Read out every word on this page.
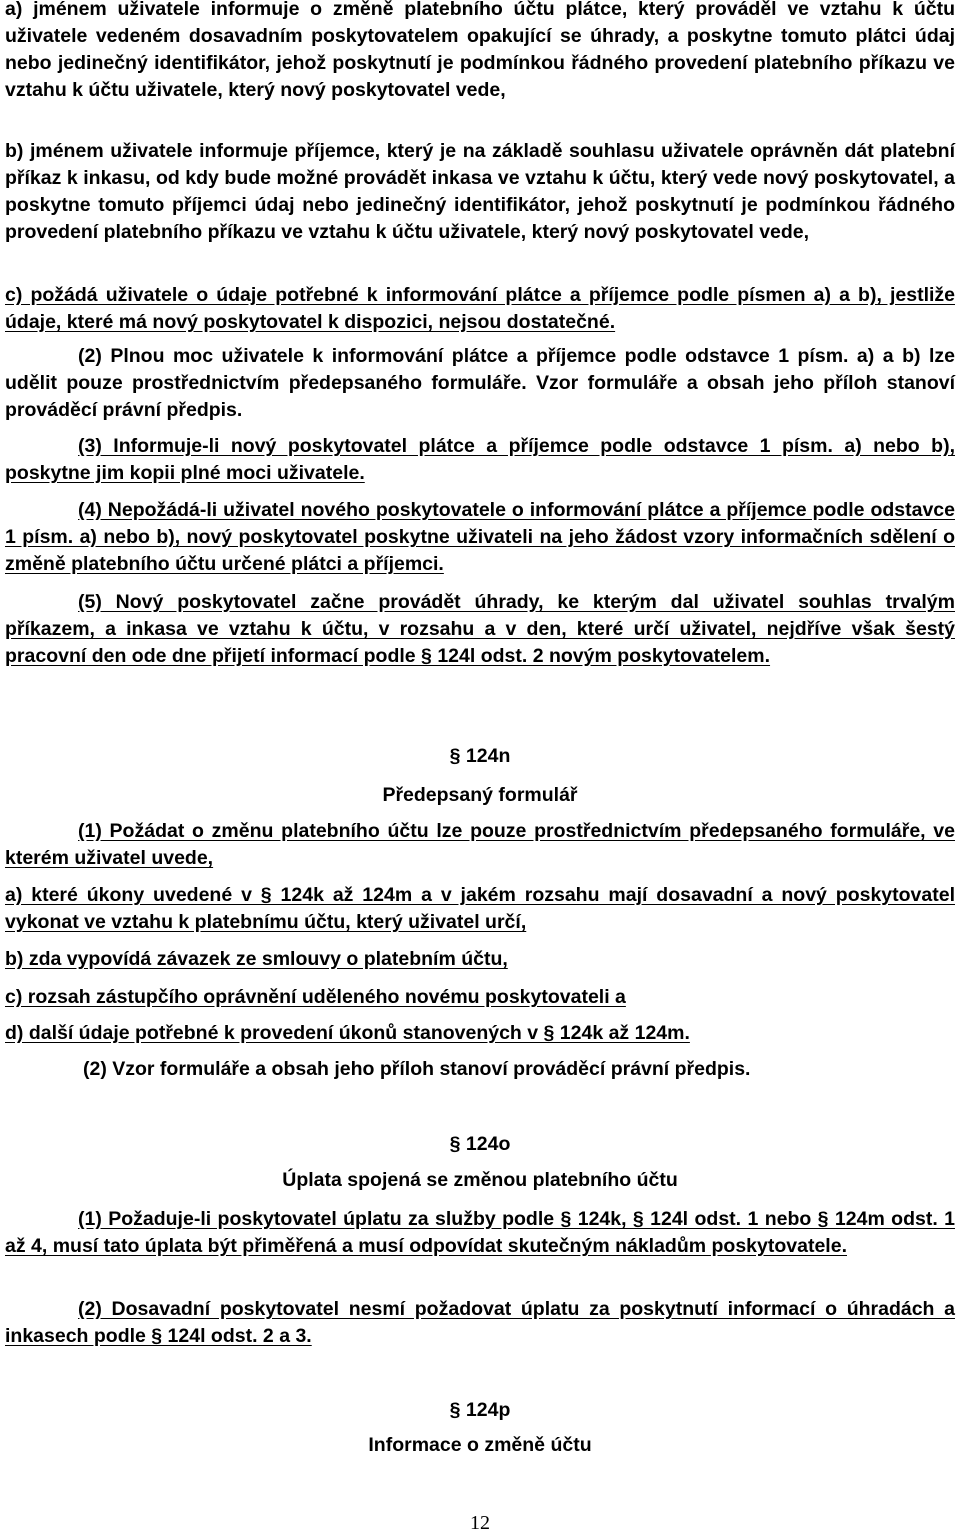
a) jménem uživatele informuje o změně platebního účtu plátce, který prováděl ve vztahu k účtu uživatele vedeném dosavadním poskytovatelem opakující se úhrady, a poskytne tomuto plátci údaj nebo jedinečný identifikátor, jehož poskytnutí je podmínkou řádného provedení platebního příkazu ve vztahu k účtu uživatele, který nový poskytovatel vede,

b) jménem uživatele informuje příjemce, který je na základě souhlasu uživatele oprávněn dát platební příkaz k inkasu, od kdy bude možné provádět inkasa ve vztahu k účtu, který vede nový poskytovatel, a poskytne tomuto příjemci údaj nebo jedinečný identifikátor, jehož poskytnutí je podmínkou řádného provedení platebního příkazu ve vztahu k účtu uživatele, který nový poskytovatel vede,

c) požádá uživatele o údaje potřebné k informování plátce a příjemce podle písmen a) a b), jestliže údaje, které má nový poskytovatel k dispozici, nejsou dostatečné.

(2) Plnou moc uživatele k informování plátce a příjemce podle odstavce 1 písm. a) a b) lze udělit pouze prostřednictvím předepsaného formuláře. Vzor formuláře a obsah jeho příloh stanoví prováděcí právní předpis.

(3) Informuje-li nový poskytovatel plátce a příjemce podle odstavce 1 písm. a) nebo b), poskytne jim kopii plné moci uživatele.

(4) Nepožádá-li uživatel nového poskytovatele o informování plátce a příjemce podle odstavce 1 písm. a) nebo b), nový poskytovatel poskytne uživateli na jeho žádost vzory informačních sdělení o změně platebního účtu určené plátci a příjemci.

(5) Nový poskytovatel začne provádět úhrady, ke kterým dal uživatel souhlas trvalým příkazem, a inkasa ve vztahu k účtu, v rozsahu a v den, které určí uživatel, nejdříve však šestý pracovní den ode dne přijetí informací podle § 124l odst. 2 novým poskytovatelem.

§ 124n

Předepsaný formulář

(1) Požádat o změnu platebního účtu lze pouze prostřednictvím předepsaného formuláře, ve kterém uživatel uvede,

a) které úkony uvedené v § 124k až 124m a v jakém rozsahu mají dosavadní a nový poskytovatel vykonat ve vztahu k platebnímu účtu, který uživatel určí,

b) zda vypovídá závazek ze smlouvy o platebním účtu,

c) rozsah zástupčího oprávnění uděleného novému poskytovateli a

d) další údaje potřebné k provedení úkonů stanovených v § 124k až 124m.

(2) Vzor formuláře a obsah jeho příloh stanoví prováděcí právní předpis.

§ 124o

Úplata spojená se změnou platebního účtu

(1) Požaduje-li poskytovatel úplatu za služby podle § 124k, § 124l odst. 1 nebo § 124m odst. 1 až 4, musí tato úplata být přiměřená a musí odpovídat skutečným nákladům poskytovatele.

(2) Dosavadní poskytovatel nesmí požadovat úplatu za poskytnutí informací o úhradách a inkasech podle § 124l odst. 2 a 3.

§ 124p

Informace o změně účtu

12
